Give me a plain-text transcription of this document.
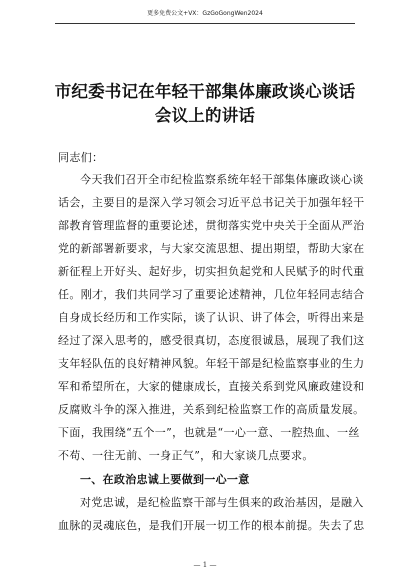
更多免费公文+VX：GzGoGongWen2024
市纪委书记在年轻干部集体廉政谈心谈话
会议上的讲话
同志们：
今天我们召开全市纪检监察系统年轻干部集体廉政谈心谈
话会，主要目的是深入学习领会习近平总书记关于加强年轻干
部教育管理监督的重要论述，贯彻落实党中央关于全面从严治
党的新部署新要求，与大家交流思想、提出期望，帮助大家在
新征程上开好头、起好步，切实担负起党和人民赋予的时代重
任。刚才，我们共同学习了重要论述精神，几位年轻同志结合
自身成长经历和工作实际，谈了认识、讲了体会，听得出来是
经过了深入思考的，感受很真切，态度很诚恳，展现了我们这
支年轻队伍的良好精神风貌。年轻干部是纪检监察事业的生力
军和希望所在，大家的健康成长，直接关系到党风廉政建设和
反腐败斗争的深入推进，关系到纪检监察工作的高质量发展。
下面，我围绕“五个一”，也就是“一心一意、一腔热血、一丝
不苟、一往无前、一身正气”，和大家谈几点要求。
一、在政治忠诚上要做到一心一意
对党忠诚，是纪检监察干部与生俱来的政治基因，是融入
血脉的灵魂底色，是我们开展一切工作的根本前提。失去了忠
— 1 —
